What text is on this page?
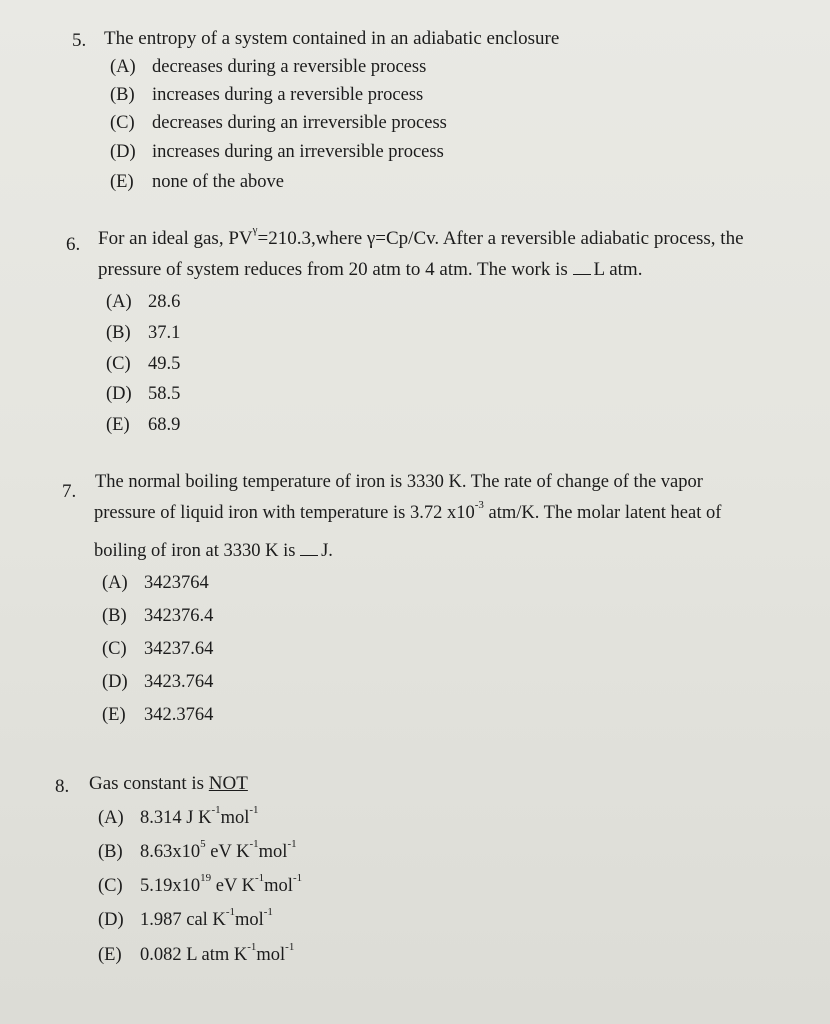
5. The entropy of a system contained in an adiabatic enclosure
(A) decreases during a reversible process
(B) increases during a reversible process
(C) decreases during an irreversible process
(D) increases during an irreversible process
(E) none of the above
6. For an ideal gas, $PV^\gamma=210.3,where$ γ=Cp/Cv. After a reversible adiabatic process, the
pressure of system reduces from 20 atm to 4 atm. The work is L atm.
(A) 28.6
(B) 37.1
(C) 49.5
(D) 58.5
(E) 68.9
7. The normal boiling temperature of iron is 3330 K. The rate of change of the vapor
pressure of liquid iron with temperature is 3.72 $x10^{-3}$ atm/K. The molar latent heat of
boiling of iron at 3330 K is J.
(A) 3423764
(B) 342376.4
(C) 34237.64
(D) 3423.764
(E) 342.3764
8. Gas constant is NOT
(A) 8.314 J $K^{-1}mol^{-1}$
(B) $8.63x10^5$ eV $K^{-1}mol^{-1}$
(C) $5.19x10^{19}$ eV $K^{-1}mol^{-1}$
(D) 1.987 cal $K^{-1}mol^{-1}$
(E) 0.082 L atm $K^{-1}mol^{-1}$
